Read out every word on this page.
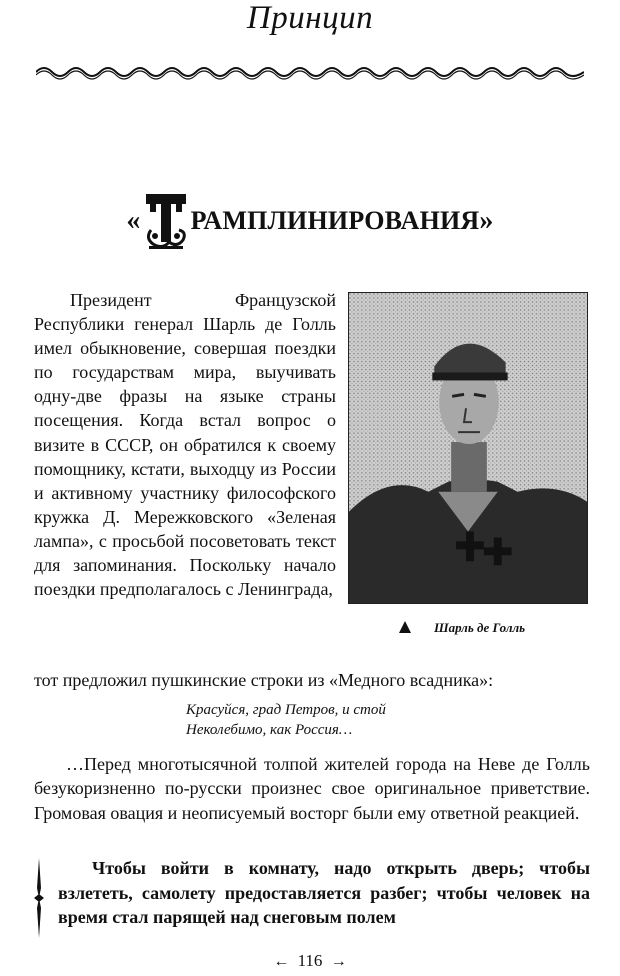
Принцип
« РАМПЛИНИРОВАНИЯ »
Президент Французской Республики генерал Шарль де Голль имел обыкновение, совершая поездки по государствам мира, выучивать одну-две фразы на языке страны посещения. Когда встал вопрос о визите в СССР, он обратился к своему помощнику, кстати, выходцу из России и активному участнику философского кружка Д. Мережковского «Зеленая лампа», с просьбой посоветовать текст для запоминания. Поскольку начало поездки предполагалось с Ленинграда,
Шарль де Голль
тот предложил пушкинские строки из «Медного всадника»:
Красуйся, град Петров, и стой
Неколебимо, как Россия…
…Перед многотысячной толпой жителей города на Неве де Голль безукоризненно по-русски произнес свое оригинальное приветствие. Громовая овация и неописуемый восторг были ему ответной реакцией.
Чтобы войти в комнату, надо открыть дверь; чтобы взлететь, самолету предоставляется разбег; чтобы человек на время стал парящей над снеговым полем
← 116 →
